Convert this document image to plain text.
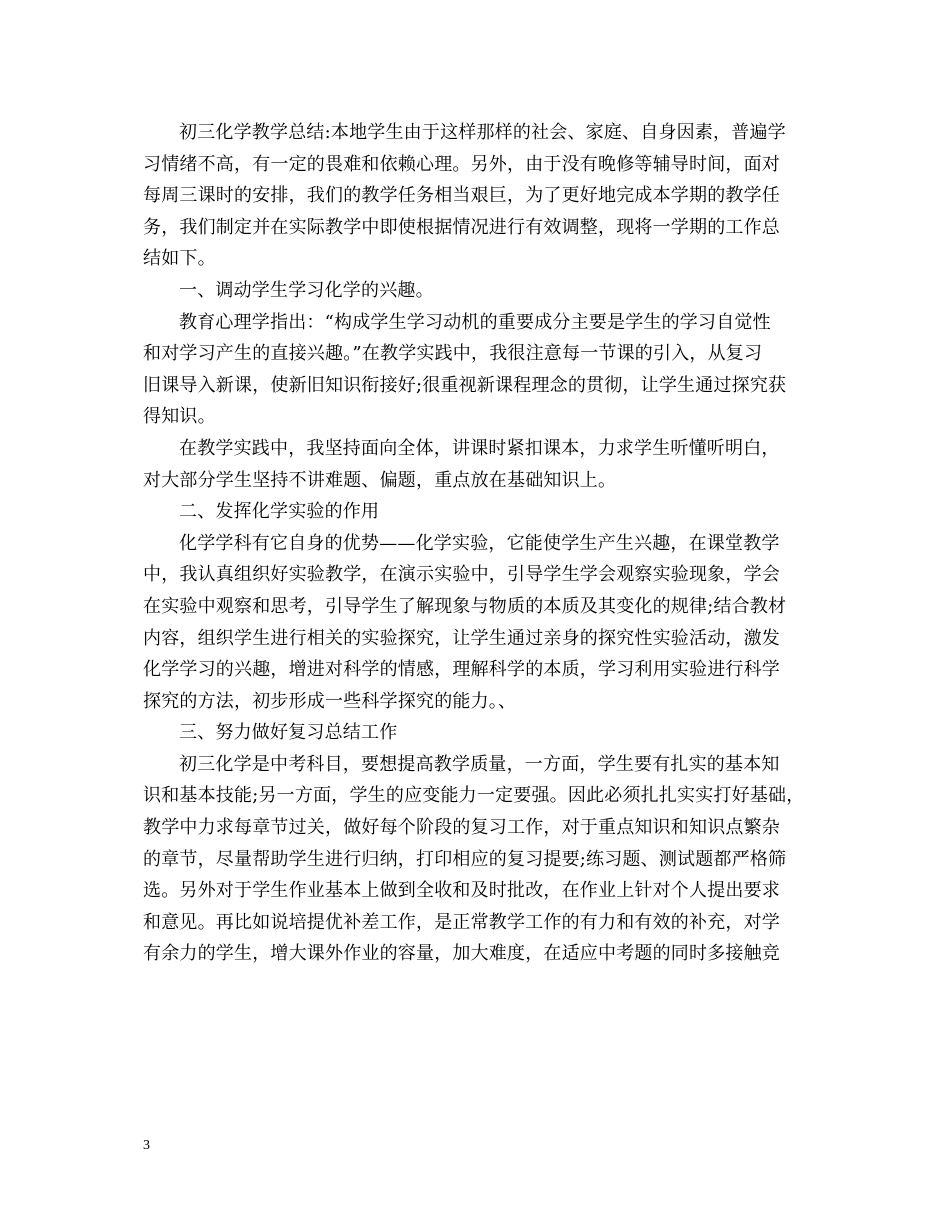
初三化学教学总结:本地学生由于这样那样的社会、家庭、自身因素，普遍学
习情绪不高，有一定的畏难和依赖心理。另外，由于没有晚修等辅导时间，面对
每周三课时的安排，我们的教学任务相当艰巨，为了更好地完成本学期的教学任
务，我们制定并在实际教学中即使根据情况进行有效调整，现将一学期的工作总
结如下。
一、调动学生学习化学的兴趣。
教育心理学指出：“构成学生学习动机的重要成分主要是学生的学习自觉性
和对学习产生的直接兴趣。”在教学实践中，我很注意每一节课的引入，从复习
旧课导入新课，使新旧知识衔接好;很重视新课程理念的贯彻，让学生通过探究获
得知识。
在教学实践中，我坚持面向全体，讲课时紧扣课本，力求学生听懂听明白，
对大部分学生坚持不讲难题、偏题，重点放在基础知识上。
二、发挥化学实验的作用
化学学科有它自身的优势——化学实验，它能使学生产生兴趣，在课堂教学
中，我认真组织好实验教学，在演示实验中，引导学生学会观察实验现象，学会
在实验中观察和思考，引导学生了解现象与物质的本质及其变化的规律;结合教材
内容，组织学生进行相关的实验探究，让学生通过亲身的探究性实验活动，激发
化学学习的兴趣，增进对科学的情感，理解科学的本质，学习利用实验进行科学
探究的方法，初步形成一些科学探究的能力。、
三、努力做好复习总结工作
初三化学是中考科目，要想提高教学质量，一方面，学生要有扎实的基本知
识和基本技能;另一方面，学生的应变能力一定要强。因此必须扎扎实实打好基础，
教学中力求每章节过关，做好每个阶段的复习工作，对于重点知识和知识点繁杂
的章节，尽量帮助学生进行归纳，打印相应的复习提要;练习题、测试题都严格筛
选。另外对于学生作业基本上做到全收和及时批改，在作业上针对个人提出要求
和意见。再比如说培提优补差工作，是正常教学工作的有力和有效的补充，对学
有余力的学生，增大课外作业的容量，加大难度，在适应中考题的同时多接触竞
3
